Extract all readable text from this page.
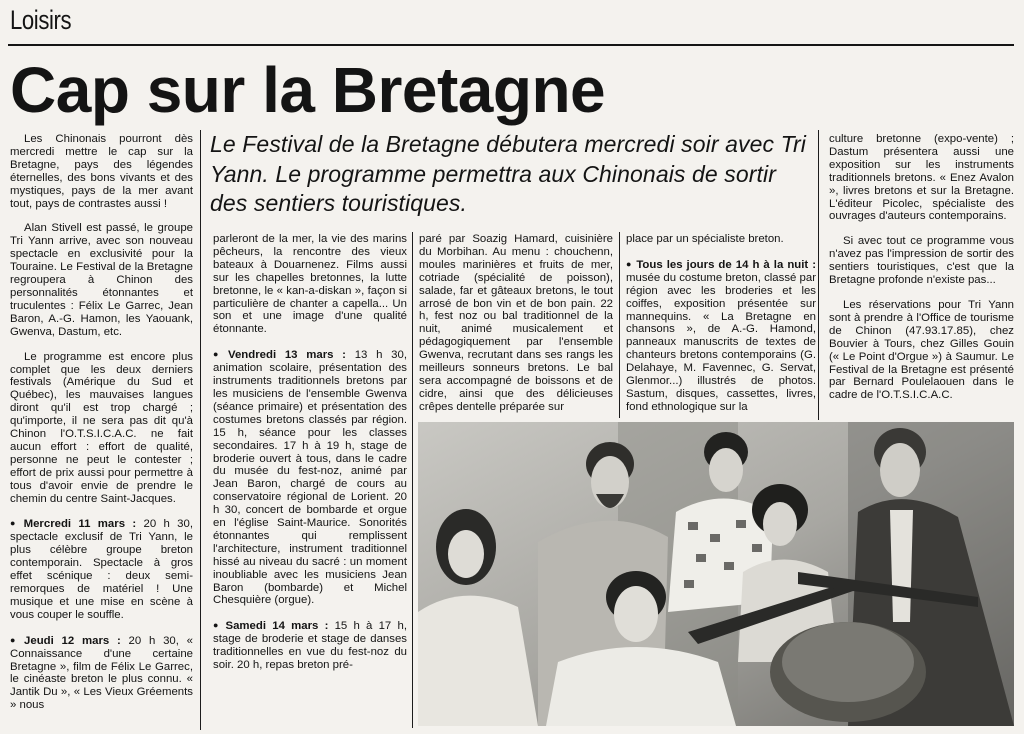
Loisirs
Cap sur la Bretagne

Les Chinonais pourront dès mercredi mettre le cap sur la Bretagne, pays des légendes éternelles, des bons vivants et des mystiques, pays de la mer avant tout, pays de contrastes aussi !

Alan Stivell est passé, le groupe Tri Yann arrive, avec son nouveau spectacle en exclusivité pour la Touraine. Le Festival de la Bretagne regroupera à Chinon des personnalités étonnantes et truculentes : Félix Le Garrec, Jean Baron, A.-G. Hamon, les Yaouank, Gwenva, Dastum, etc.

Le programme est encore plus complet que les deux derniers festivals (Amérique du Sud et Québec), les mauvaises langues diront qu'il est trop chargé ; qu'importe, il ne sera pas dit qu'à Chinon l'O.T.S.I.C.A.C. ne fait aucun effort : effort de qualité, personne ne peut le contester ; effort de prix aussi pour permettre à tous d'avoir envie de prendre le chemin du centre Saint-Jacques.

● Mercredi 11 mars : 20 h 30, spectacle exclusif de Tri Yann, le plus célèbre groupe breton contemporain. Spectacle à gros effet scénique : deux semi-remorques de matériel ! Une musique et une mise en scène à vous couper le souffle.

● Jeudi 12 mars : 20 h 30, « Connaissance d'une certaine Bretagne », film de Félix Le Garrec, le cinéaste breton le plus connu. « Jantik Du », « Les Vieux Gréements » nous

Le Festival de la Bretagne débutera mercredi soir avec Tri Yann. Le programme permettra aux Chinonais de sortir des sentiers touristiques.

parleront de la mer, la vie des marins pêcheurs, la rencontre des vieux bateaux à Douarnenez. Films aussi sur les chapelles bretonnes, la lutte bretonne, le « kan-a-diskan », façon si particulière de chanter a capella... Un son et une image d'une qualité étonnante.

● Vendredi 13 mars : 13 h 30, animation scolaire, présentation des instruments traditionnels bretons par les musiciens de l'ensemble Gwenva (séance primaire) et présentation des costumes bretons classés par région. 15 h, séance pour les classes secondaires. 17 h à 19 h, stage de broderie ouvert à tous, dans le cadre du musée du fest-noz, animé par Jean Baron, chargé de cours au conservatoire régional de Lorient. 20 h 30, concert de bombarde et orgue en l'église Saint-Maurice. Sonorités étonnantes qui remplissent l'architecture, instrument traditionnel hissé au niveau du sacré : un moment inoubliable avec les musiciens Jean Baron (bombarde) et Michel Chesquière (orgue).

● Samedi 14 mars : 15 h à 17 h, stage de broderie et stage de danses traditionnelles en vue du fest-noz du soir. 20 h, repas breton pré-

paré par Soazig Hamard, cuisinière du Morbihan. Au menu : chouchenn, moules marinières et fruits de mer, cotriade (spécialité de poisson), salade, far et gâteaux bretons, le tout arrosé de bon vin et de bon pain. 22 h, fest noz ou bal traditionnel de la nuit, animé musicalement et pédagogiquement par l'ensemble Gwenva, recrutant dans ses rangs les meilleurs sonneurs bretons. Le bal sera accompagné de boissons et de cidre, ainsi que des délicieuses crêpes dentelle préparée sur

place par un spécialiste breton.

● Tous les jours de 14 h à la nuit : musée du costume breton, classé par région avec les broderies et les coiffes, exposition présentée sur mannequins. « La Bretagne en chansons », de A.-G. Hamond, panneaux manuscrits de textes de chanteurs bretons contemporains (G. Delahaye, M. Favennec, G. Servat, Glenmor...) illustrés de photos. Sastum, disques, cassettes, livres, fond ethnologique sur la

culture bretonne (expo-vente) ; Dastum présentera aussi une exposition sur les instruments traditionnels bretons. « Enez Avalon », livres bretons et sur la Bretagne. L'éditeur Picolec, spécialiste des ouvrages d'auteurs contemporains.

Si avec tout ce programme vous n'avez pas l'impression de sortir des sentiers touristiques, c'est que la Bretagne profonde n'existe pas...

Les réservations pour Tri Yann sont à prendre à l'Office de tourisme de Chinon (47.93.17.85), chez Bouvier à Tours, chez Gilles Gouin (« Le Point d'Orgue ») à Saumur. Le Festival de la Bretagne est présenté par Bernard Poulelaouen dans le cadre de l'O.T.S.I.C.A.C.
